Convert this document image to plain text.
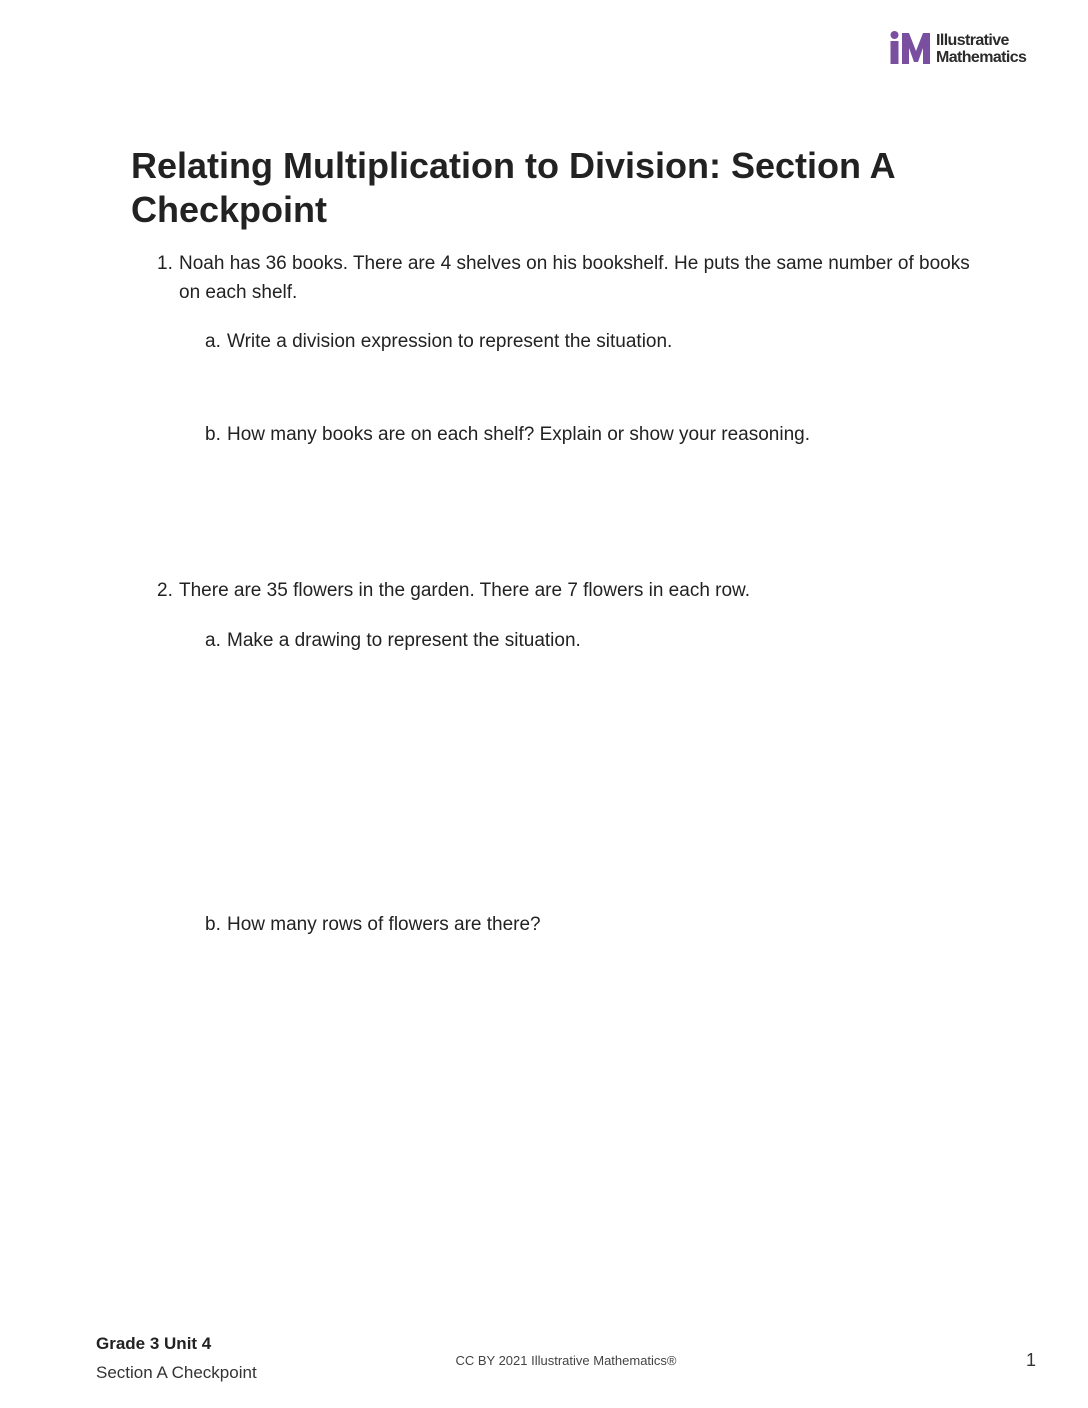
Illustrative
Mathematics
Relating Multiplication to Division: Section A Checkpoint
1. Noah has 36 books. There are 4 shelves on his bookshelf. He puts the same number of books on each shelf.
a. Write a division expression to represent the situation.
b. How many books are on each shelf? Explain or show your reasoning.
2. There are 35 flowers in the garden. There are 7 flowers in each row.
a. Make a drawing to represent the situation.
b. How many rows of flowers are there?
Grade 3 Unit 4
Section A Checkpoint
CC BY 2021 Illustrative Mathematics®	1
